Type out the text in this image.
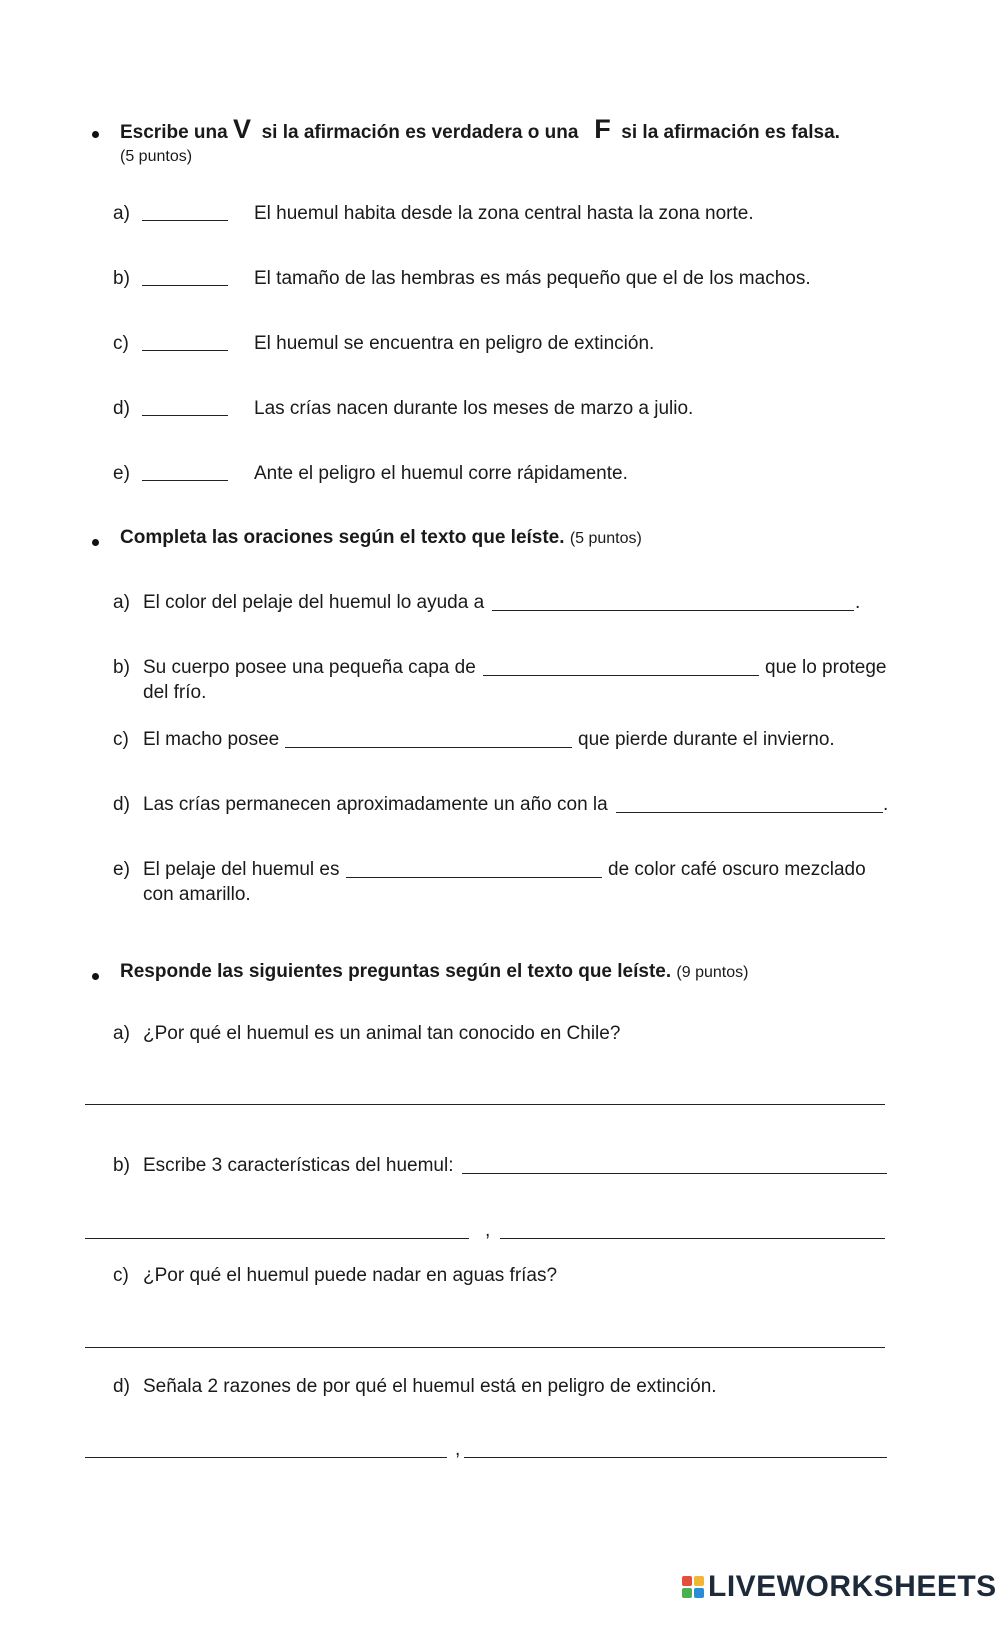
Escribe una V si la afirmación es verdadera o una F si la afirmación es falsa.
(5 puntos)
a)	El huemul habita desde la zona central hasta la zona norte.
b)	El tamaño de las hembras es más pequeño que el de los machos.
c)	El huemul se encuentra en peligro de extinción.
d)	Las crías nacen durante los meses de marzo a julio.
e)	Ante el peligro el huemul corre rápidamente.
Completa las oraciones según el texto que leíste. (5 puntos)
a) El color del pelaje del huemul lo ayuda a	.
b) Su cuerpo posee una pequeña capa de	que lo protege
del frío.
c) El macho posee	que pierde durante el invierno.
d) Las crías permanecen aproximadamente un año con la	.
e) El pelaje del huemul es	de color café oscuro mezclado
con amarillo.
Responde las siguientes preguntas según el texto que leíste. (9 puntos)
a) ¿Por qué el huemul es un animal tan conocido en Chile?
b) Escribe 3 características del huemul:
,
c) ¿Por qué el huemul puede nadar en aguas frías?
d) Señala 2 razones de por qué el huemul está en peligro de extinción.
,
LIVEWORKSHEETS
